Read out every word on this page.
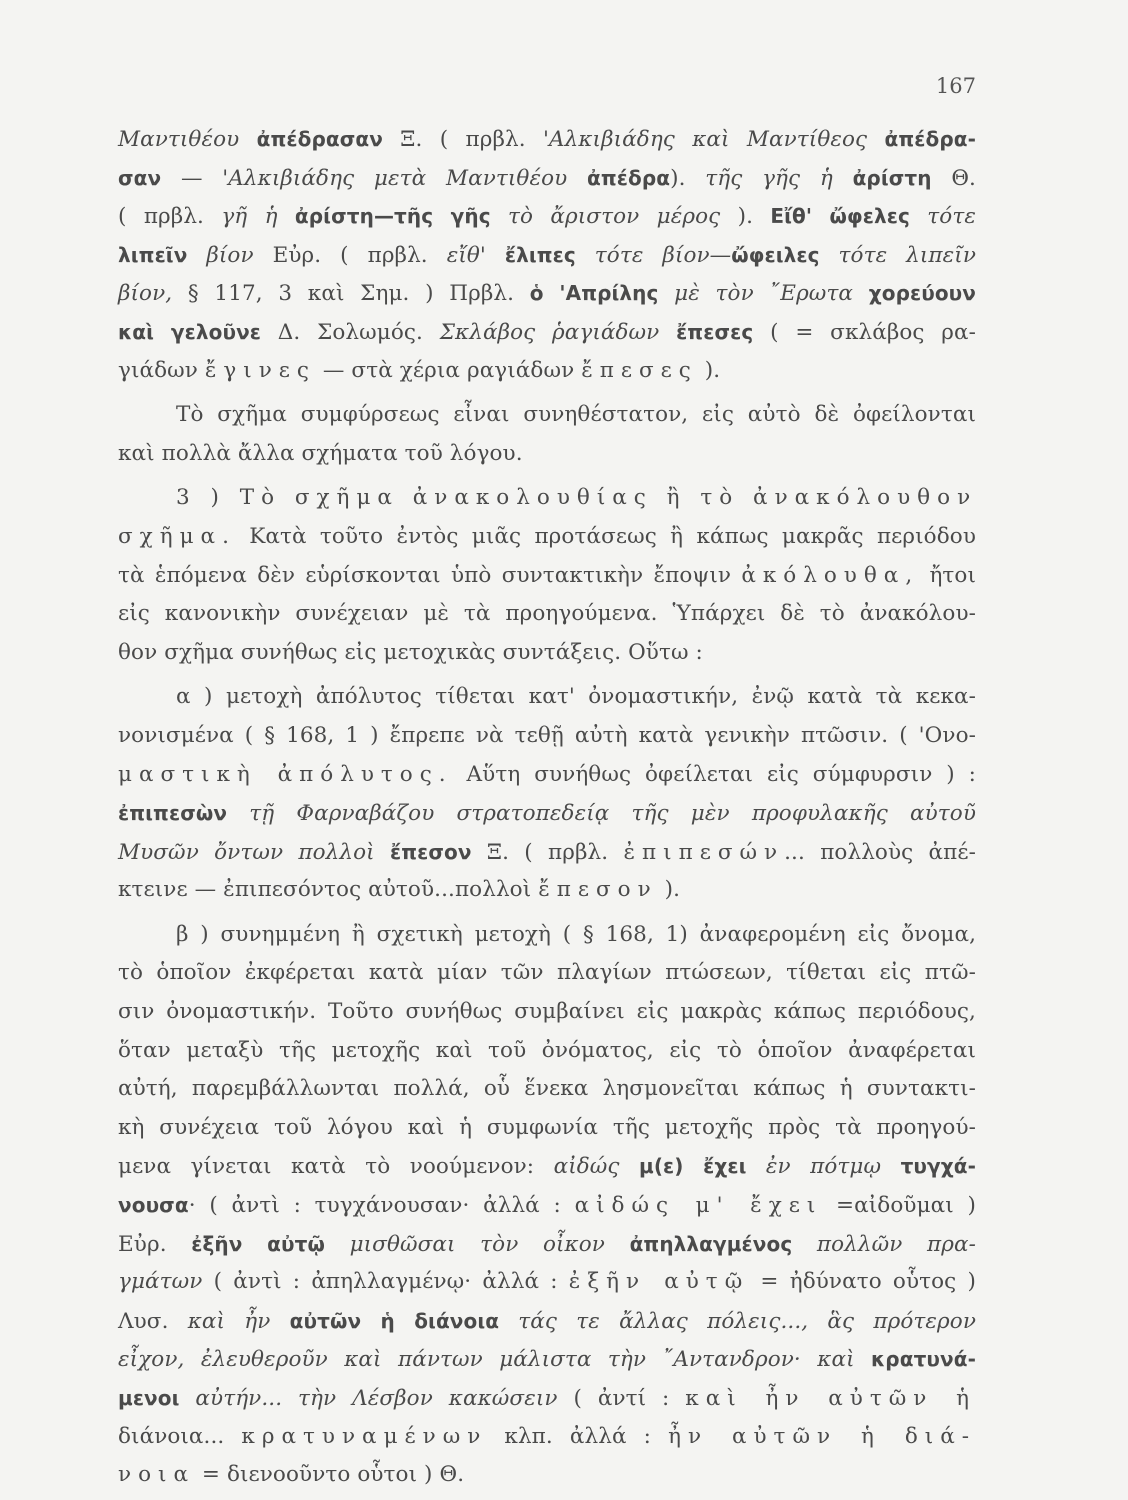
167
Μαντιθέου ἀπέδρασαν Ξ. ( πρβλ. 'Αλκιβιάδης καὶ Μαντίθεος ἀπέδρα-
σαν — 'Αλκιβιάδης μετὰ Μαντιθέου ἀπέδρα). τῆς γῆς ἡ ἀρίστη Θ.
( πρβλ. γῆ ἡ ἀρίστη—τῆς γῆς τὸ ἄριστον μέρος ). Εἴθ' ὤφελες τότε
λιπεῖν βίον Εὐρ. ( πρβλ. εἴθ' ἔλιπες τότε βίον—ὤφειλες τότε λιπεῖν
βίον, § 117, 3 καὶ Σημ. ) Πρβλ. ὁ 'Απρίλης μὲ τὸν ῎Ερωτα χορεύουν
καὶ γελοῦνε Δ. Σολωμός. Σκλάβος ῥαγιάδων ἔπεσες ( = σκλάβος ρα-
γιάδων ἔγινες — στὰ χέρια ραγιάδων ἔπεσες ).
Τὸ σχῆμα συμφύρσεως εἶναι συνηθέστατον, εἰς αὐτὸ δὲ ὀφείλονται
καὶ πολλὰ ἄλλα σχήματα τοῦ λόγου.
3 ) Τὸ σχῆμα ἀνακολουθίας ἢ τὸ ἀνακόλουθον
σχῆμα. Κατὰ τοῦτο ἐντὸς μιᾶς προτάσεως ἢ κάπως μακρᾶς περιόδου
τὰ ἑπόμενα δὲν εὑρίσκονται ὑπὸ συντακτικὴν ἔποψιν ἀκόλουθα, ἤτοι
εἰς κανονικὴν συνέχειαν μὲ τὰ προηγούμενα. Ὑπάρχει δὲ τὸ ἀνακόλου-
θον σχῆμα συνήθως εἰς μετοχικὰς συντάξεις. Οὕτω :
α ) μετοχὴ ἀπόλυτος τίθεται κατ' ὀνομαστικήν, ἐνῷ κατὰ τὰ κεκα-
νονισμένα ( § 168, 1 ) ἔπρεπε νὰ τεθῇ αὐτὴ κατὰ γενικὴν πτῶσιν. ( 'Ονο-
μαστικὴ ἀπόλυτος. Αὕτη συνήθως ὀφείλεται εἰς σύμφυρσιν ) :
ἐπιπεσὼν τῇ Φαρναβάζου στρατοπεδείᾳ τῆς μὲν προφυλακῆς αὐτοῦ
Μυσῶν ὄντων πολλοὶ ἔπεσον Ξ. ( πρβλ. ἐπιπεσών... πολλοὺς ἀπέ-
κτεινε — ἐπιπεσόντος αὐτοῦ...πολλοὶ ἔπεσον ).
β ) συνημμένη ἢ σχετικὴ μετοχὴ ( § 168, 1) ἀναφερομένη εἰς ὄνομα,
τὸ ὁποῖον ἐκφέρεται κατὰ μίαν τῶν πλαγίων πτώσεων, τίθεται εἰς πτῶ-
σιν ὀνομαστικήν. Τοῦτο συνήθως συμβαίνει εἰς μακρὰς κάπως περιόδους,
ὅταν μεταξὺ τῆς μετοχῆς καὶ τοῦ ὀνόματος, εἰς τὸ ὁποῖον ἀναφέρεται
αὐτή, παρεμβάλλωνται πολλά, οὗ ἕνεκα λησμονεῖται κάπως ἡ συντακτι-
κὴ συνέχεια τοῦ λόγου καὶ ἡ συμφωνία τῆς μετοχῆς πρὸς τὰ προηγού-
μενα γίνεται κατὰ τὸ νοούμενον: αἰδώς μ(ε) ἔχει ἐν πότμῳ τυγχά-
νουσα· ( ἀντὶ : τυγχάνουσαν· ἀλλά : αἰδώς μ' ἔχει =αἰδοῦμαι )
Εὐρ. ἐξῆν αὐτῷ μισθῶσαι τὸν οἶκον ἀπηλλαγμένος πολλῶν πρα-
γμάτων ( ἀντὶ : ἀπηλλαγμένῳ· ἀλλά : ἐξῆν αὐτῷ = ἠδύνατο οὗτος )
Λυσ. καὶ ἦν αὐτῶν ἡ διάνοια τάς τε ἄλλας πόλεις..., ἃς πρότερον
εἶχον, ἐλευθεροῦν καὶ πάντων μάλιστα τὴν ῎Αντανδρον· καὶ κρατυνά-
μενοι αὐτήν... τὴν Λέσβον κακώσειν ( ἀντί : καὶ ἦν αὐτῶν ἡ
διάνοια... κρατυναμένων κλπ. ἀλλά : ἦν αὐτῶν ἡ διά-
νοια = διενοοῦντο οὗτοι ) Θ.
